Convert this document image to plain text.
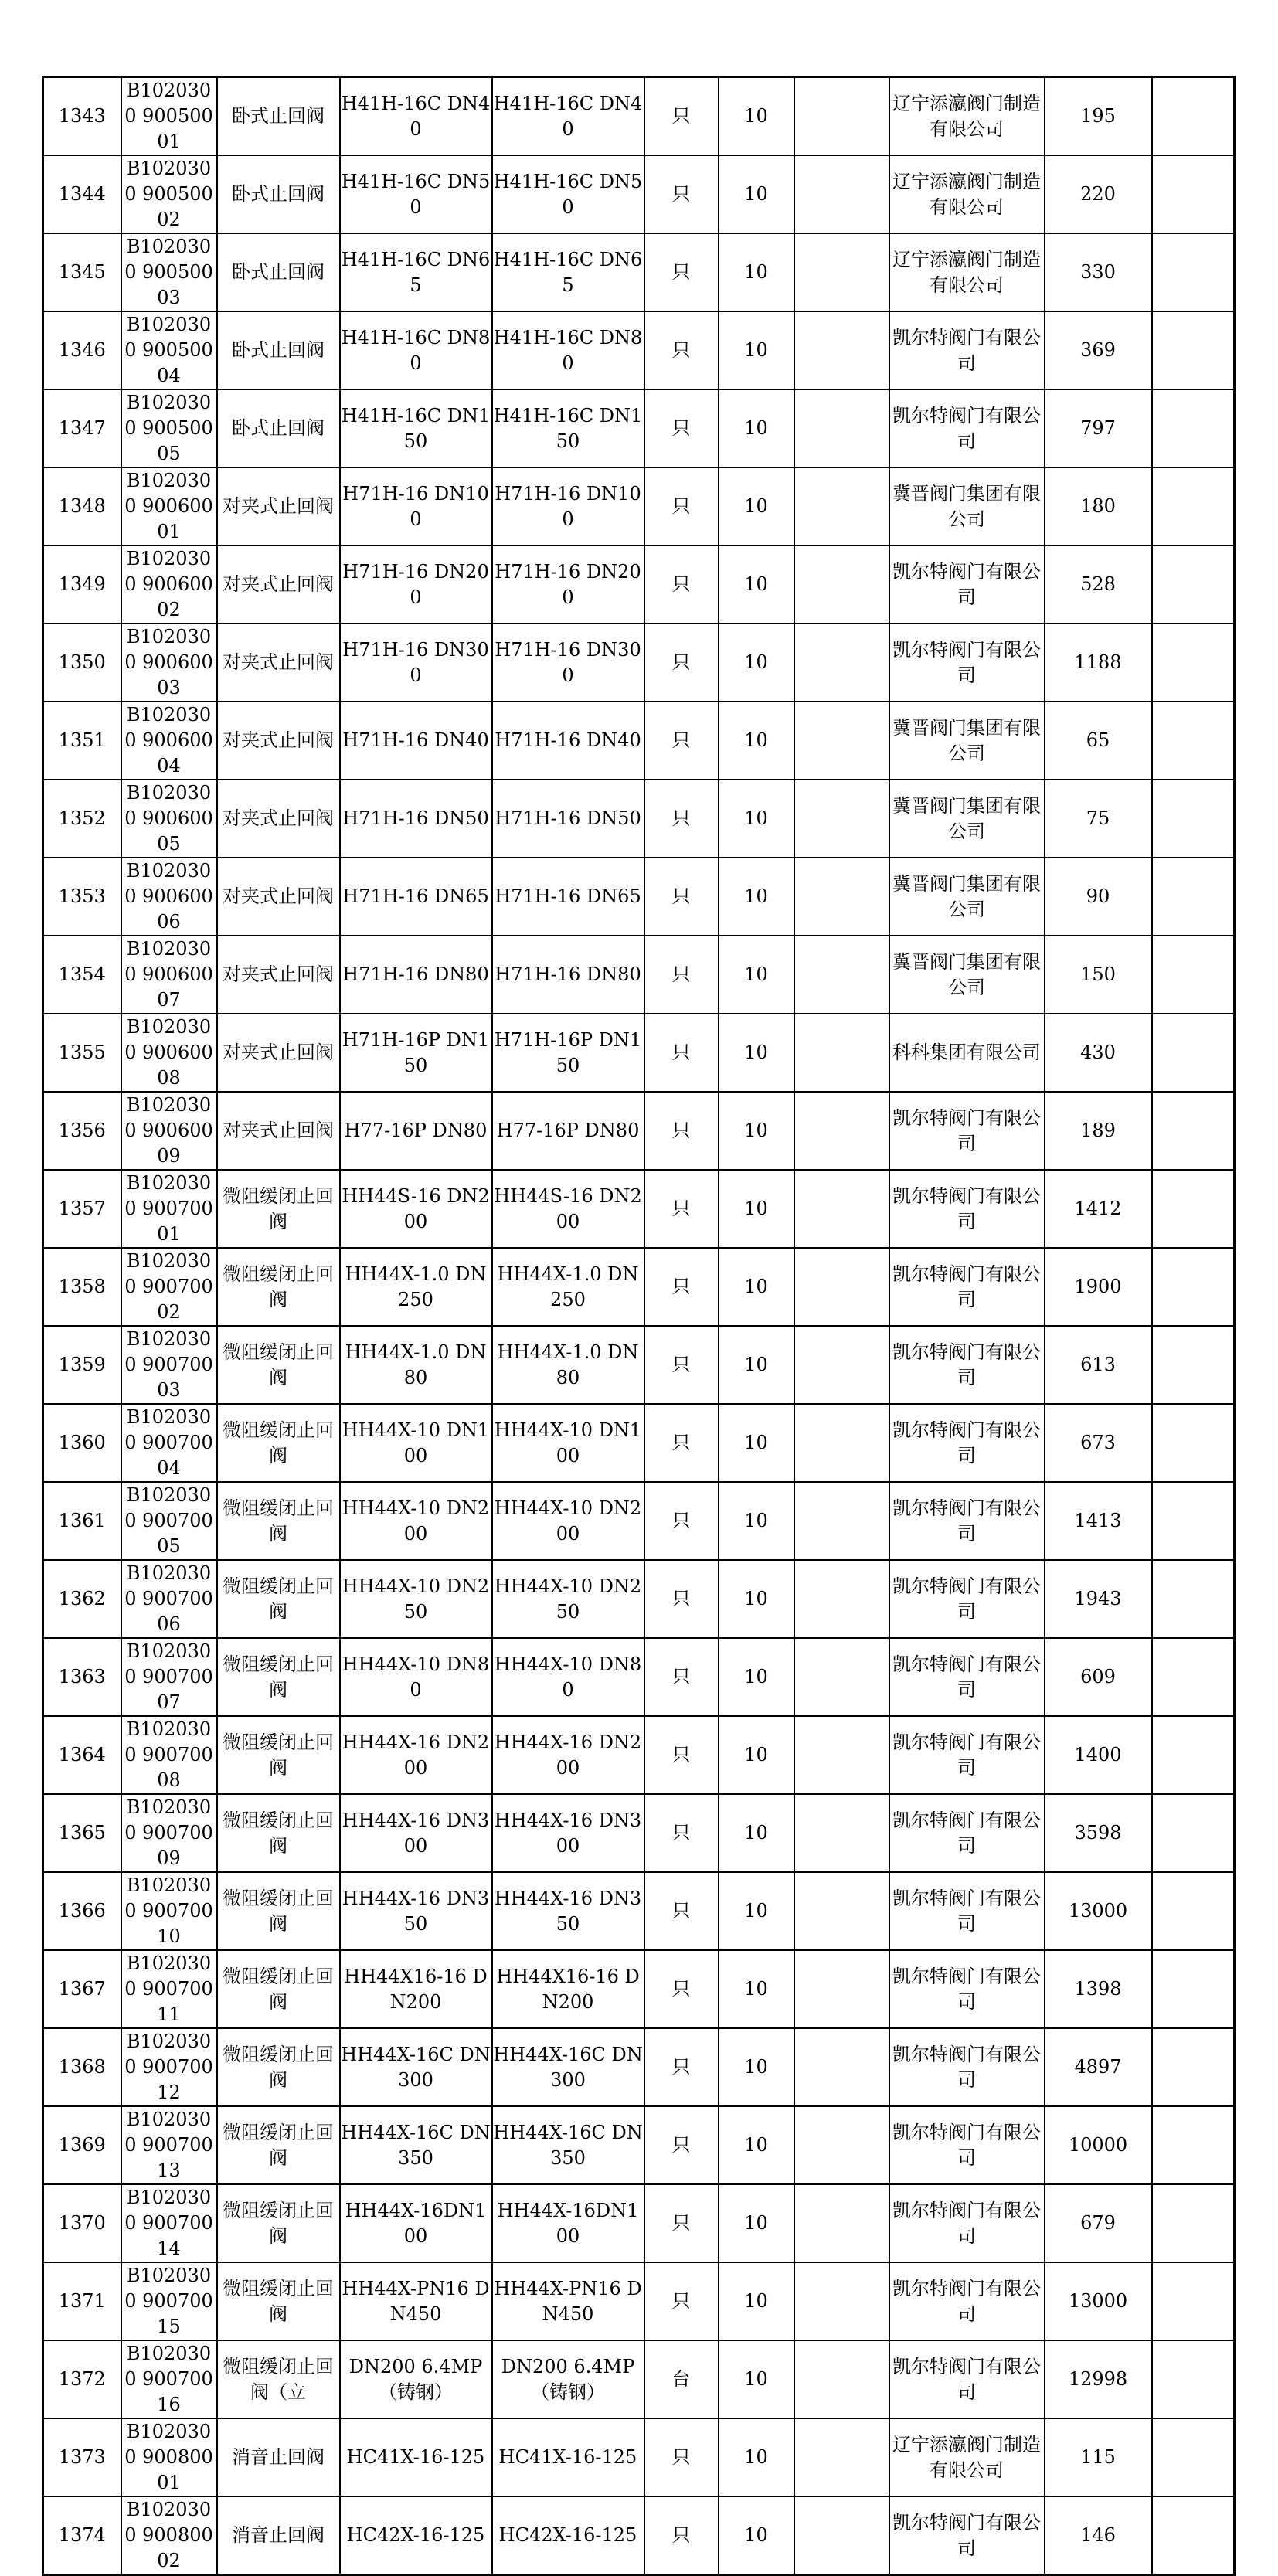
1343	B1020300 90050001	卧式止回阀	H41H-16C DN40	H41H-16C DN40	只	10		辽宁添瀛阀门制造有限公司	195	
1344	B1020300 90050002	卧式止回阀	H41H-16C DN50	H41H-16C DN50	只	10		辽宁添瀛阀门制造有限公司	220	
1345	B1020300 90050003	卧式止回阀	H41H-16C DN65	H41H-16C DN65	只	10		辽宁添瀛阀门制造有限公司	330	
1346	B1020300 90050004	卧式止回阀	H41H-16C DN80	H41H-16C DN80	只	10		凯尔特阀门有限公司	369	
1347	B1020300 90050005	卧式止回阀	H41H-16C DN150	H41H-16C DN150	只	10		凯尔特阀门有限公司	797	
1348	B1020300 90060001	对夹式止回阀	H71H-16 DN100	H71H-16 DN100	只	10		冀晋阀门集团有限公司	180	
1349	B1020300 90060002	对夹式止回阀	H71H-16 DN200	H71H-16 DN200	只	10		凯尔特阀门有限公司	528	
1350	B1020300 90060003	对夹式止回阀	H71H-16 DN300	H71H-16 DN300	只	10		凯尔特阀门有限公司	1188	
1351	B1020300 90060004	对夹式止回阀	H71H-16 DN40	H71H-16 DN40	只	10		冀晋阀门集团有限公司	65	
1352	B1020300 90060005	对夹式止回阀	H71H-16 DN50	H71H-16 DN50	只	10		冀晋阀门集团有限公司	75	
1353	B1020300 90060006	对夹式止回阀	H71H-16 DN65	H71H-16 DN65	只	10		冀晋阀门集团有限公司	90	
1354	B1020300 90060007	对夹式止回阀	H71H-16 DN80	H71H-16 DN80	只	10		冀晋阀门集团有限公司	150	
1355	B1020300 90060008	对夹式止回阀	H71H-16P DN150	H71H-16P DN150	只	10		科科集团有限公司	430	
1356	B1020300 90060009	对夹式止回阀	H77-16P DN80	H77-16P DN80	只	10		凯尔特阀门有限公司	189	
1357	B1020300 90070001	微阻缓闭止回阀	HH44S-16 DN200	HH44S-16 DN200	只	10		凯尔特阀门有限公司	1412	
1358	B1020300 90070002	微阻缓闭止回阀	HH44X-1.0 DN250	HH44X-1.0 DN250	只	10		凯尔特阀门有限公司	1900	
1359	B1020300 90070003	微阻缓闭止回阀	HH44X-1.0 DN80	HH44X-1.0 DN80	只	10		凯尔特阀门有限公司	613	
1360	B1020300 90070004	微阻缓闭止回阀	HH44X-10 DN100	HH44X-10 DN100	只	10		凯尔特阀门有限公司	673	
1361	B1020300 90070005	微阻缓闭止回阀	HH44X-10 DN200	HH44X-10 DN200	只	10		凯尔特阀门有限公司	1413	
1362	B1020300 90070006	微阻缓闭止回阀	HH44X-10 DN250	HH44X-10 DN250	只	10		凯尔特阀门有限公司	1943	
1363	B1020300 90070007	微阻缓闭止回阀	HH44X-10 DN80	HH44X-10 DN80	只	10		凯尔特阀门有限公司	609	
1364	B1020300 90070008	微阻缓闭止回阀	HH44X-16 DN200	HH44X-16 DN200	只	10		凯尔特阀门有限公司	1400	
1365	B1020300 90070009	微阻缓闭止回阀	HH44X-16 DN300	HH44X-16 DN300	只	10		凯尔特阀门有限公司	3598	
1366	B1020300 90070010	微阻缓闭止回阀	HH44X-16 DN350	HH44X-16 DN350	只	10		凯尔特阀门有限公司	13000	
1367	B1020300 90070011	微阻缓闭止回阀	HH44X16-16 DN200	HH44X16-16 DN200	只	10		凯尔特阀门有限公司	1398	
1368	B1020300 90070012	微阻缓闭止回阀	HH44X-16C DN300	HH44X-16C DN300	只	10		凯尔特阀门有限公司	4897	
1369	B1020300 90070013	微阻缓闭止回阀	HH44X-16C DN350	HH44X-16C DN350	只	10		凯尔特阀门有限公司	10000	
1370	B1020300 90070014	微阻缓闭止回阀	HH44X-16DN100	HH44X-16DN100	只	10		凯尔特阀门有限公司	679	
1371	B1020300 90070015	微阻缓闭止回阀	HH44X-PN16 DN450	HH44X-PN16 DN450	只	10		凯尔特阀门有限公司	13000	
1372	B1020300 90070016	微阻缓闭止回阀（立	DN200 6.4MP（铸钢）	DN200 6.4MP（铸钢）	台	10		凯尔特阀门有限公司	12998	
1373	B1020300 90080001	消音止回阀	HC41X-16-125	HC41X-16-125	只	10		辽宁添瀛阀门制造有限公司	115	
1374	B1020300 90080002	消音止回阀	HC42X-16-125	HC42X-16-125	只	10		凯尔特阀门有限公司	146	
